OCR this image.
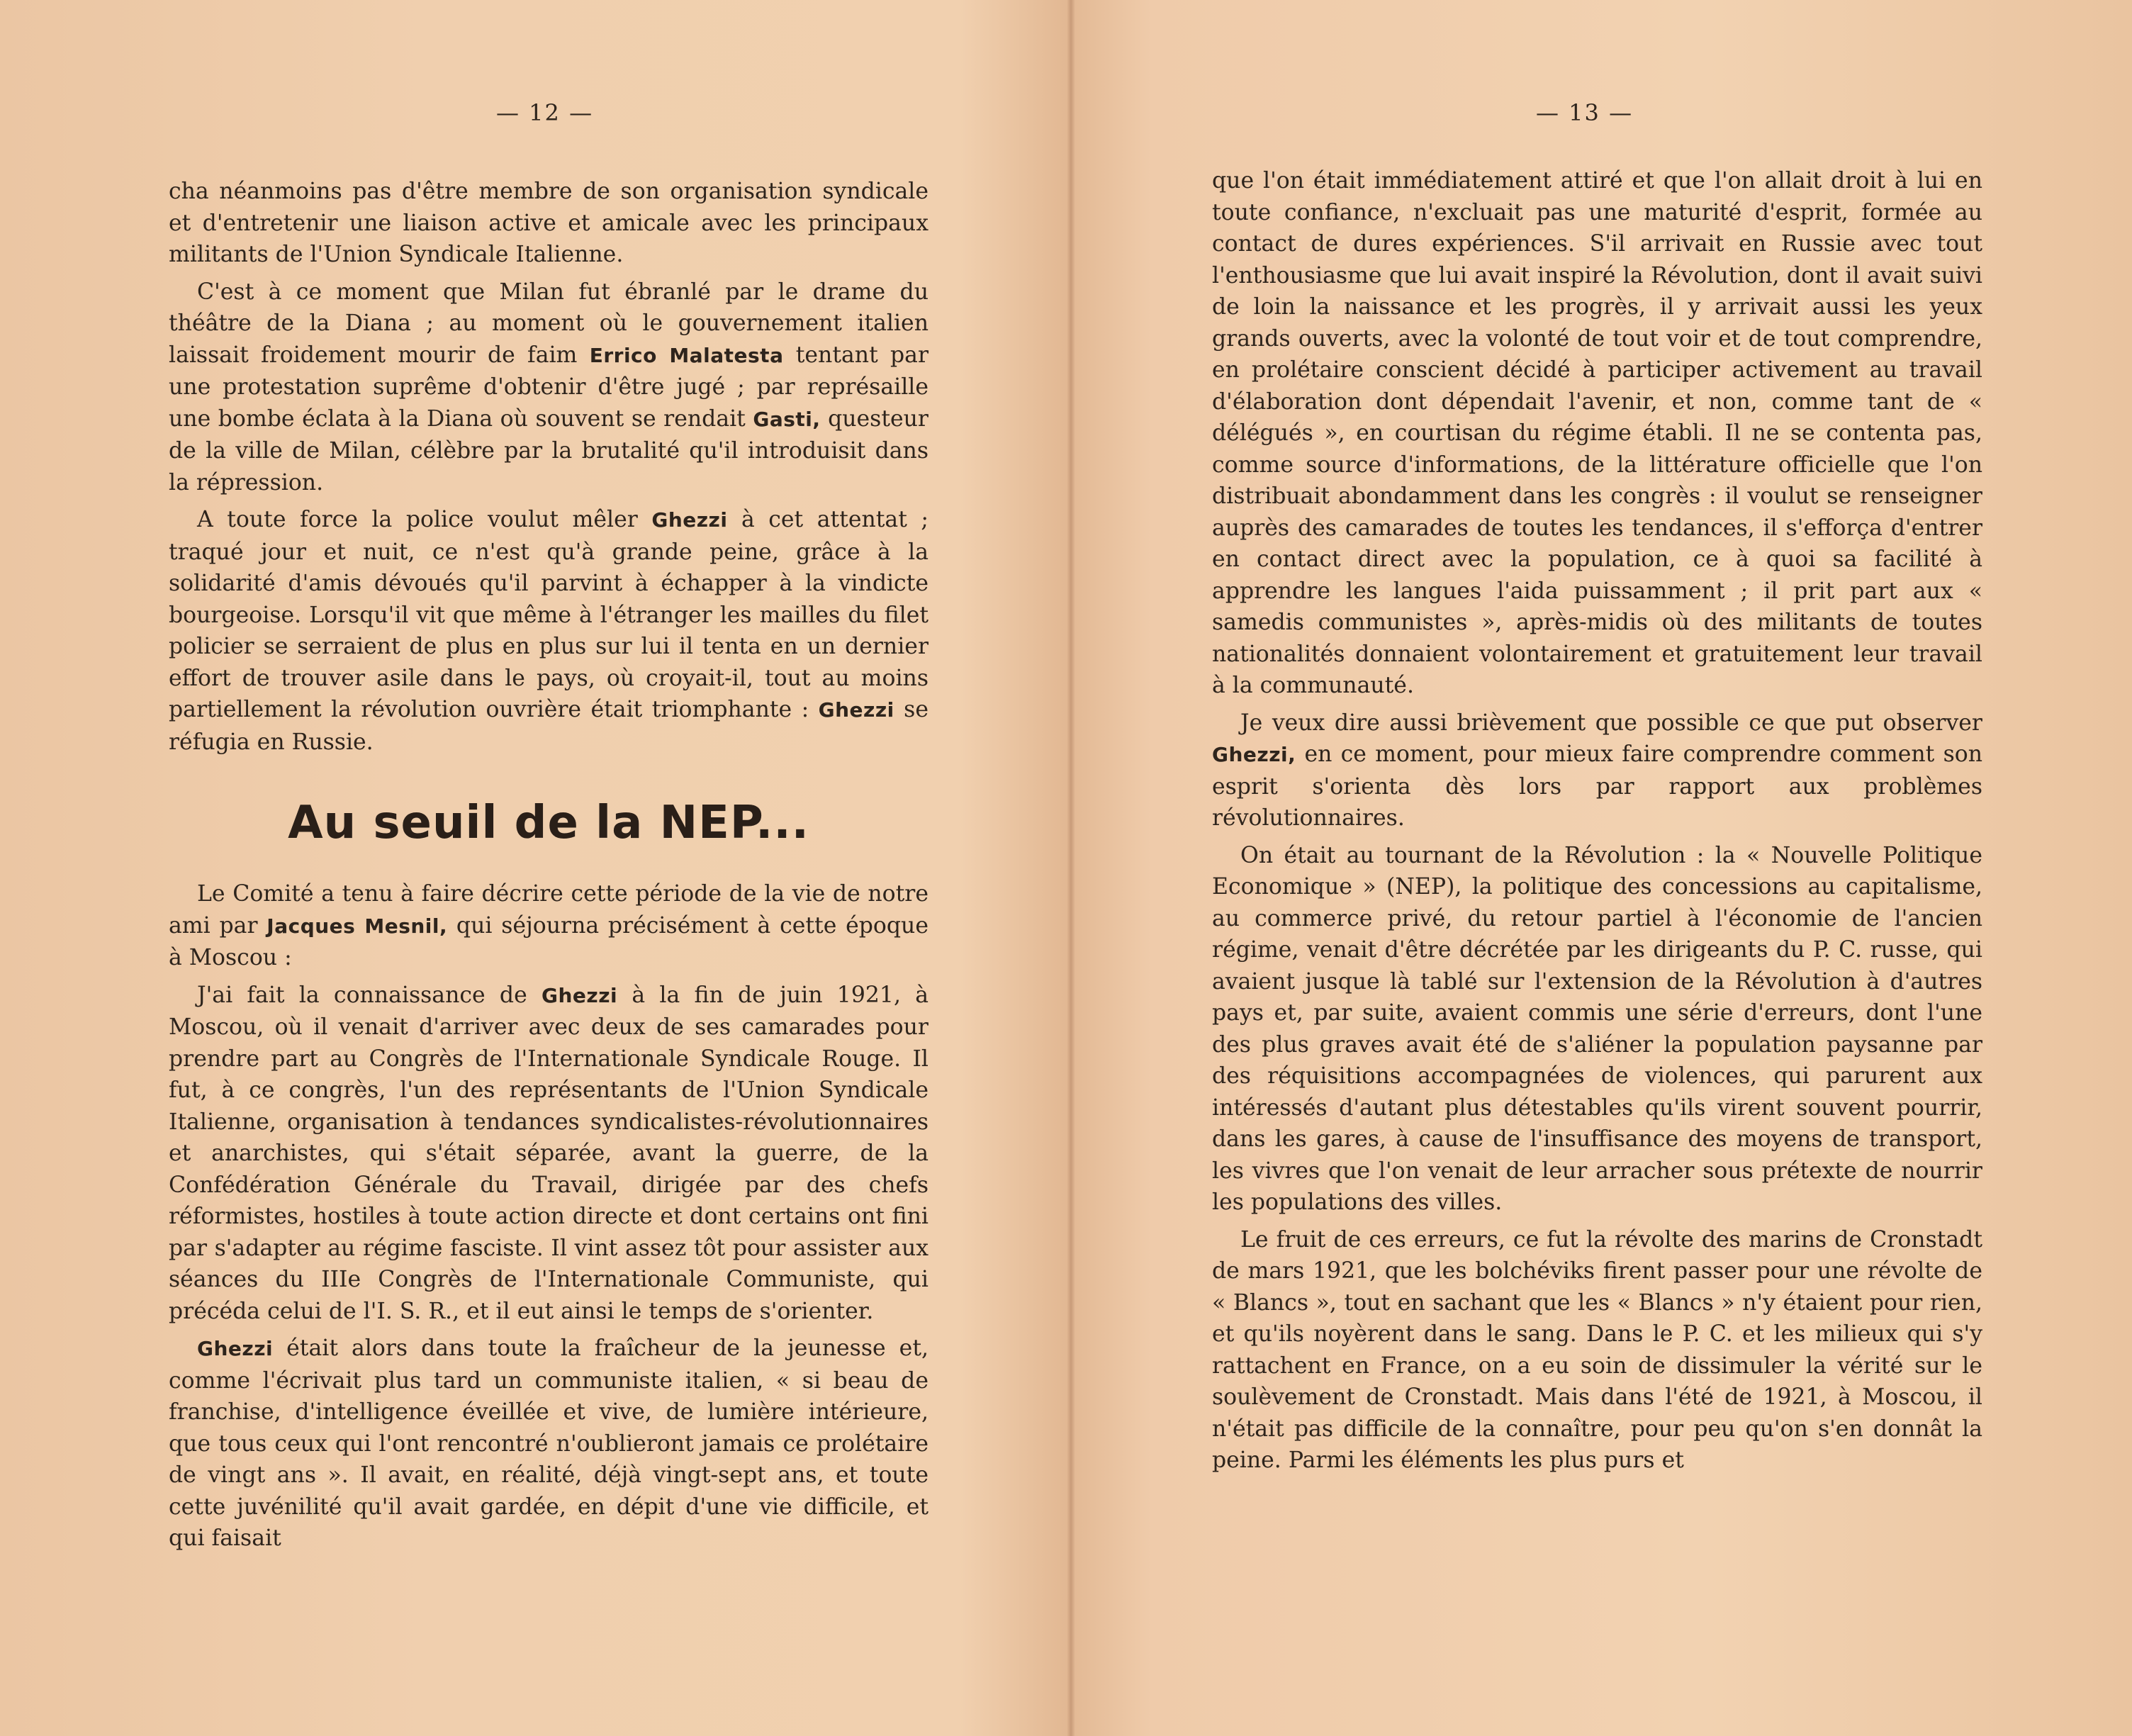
— 12 —

cha néanmoins pas d'être membre de son organisation syndicale et d'entretenir une liaison active et amicale avec les principaux militants de l'Union Syndicale Italienne.

C'est à ce moment que Milan fut ébranlé par le drame du théâtre de la Diana ; au moment où le gouvernement italien laissait froidement mourir de faim Errico Malatesta tentant par une protestation suprême d'obtenir d'être jugé ; par représaille une bombe éclata à la Diana où souvent se rendait Gasti, questeur de la ville de Milan, célèbre par la brutalité qu'il introduisit dans la répression.

A toute force la police voulut mêler Ghezzi à cet attentat ; traqué jour et nuit, ce n'est qu'à grande peine, grâce à la solidarité d'amis dévoués qu'il parvint à échapper à la vindicte bourgeoise. Lorsqu'il vit que même à l'étranger les mailles du filet policier se serraient de plus en plus sur lui il tenta en un dernier effort de trouver asile dans le pays, où croyait-il, tout au moins partiellement la révolution ouvrière était triomphante : Ghezzi se réfugia en Russie.

Au seuil de la NEP...

Le Comité a tenu à faire décrire cette période de la vie de notre ami par Jacques Mesnil, qui séjourna précisément à cette époque à Moscou :

J'ai fait la connaissance de Ghezzi à la fin de juin 1921, à Moscou, où il venait d'arriver avec deux de ses camarades pour prendre part au Congrès de l'Internationale Syndicale Rouge. Il fut, à ce congrès, l'un des représentants de l'Union Syndicale Italienne, organisation à tendances syndicalistes-révolutionnaires et anarchistes, qui s'était séparée, avant la guerre, de la Confédération Générale du Travail, dirigée par des chefs réformistes, hostiles à toute action directe et dont certains ont fini par s'adapter au régime fasciste. Il vint assez tôt pour assister aux séances du IIIe Congrès de l'Internationale Communiste, qui précéda celui de l'I. S. R., et il eut ainsi le temps de s'orienter.

Ghezzi était alors dans toute la fraîcheur de la jeunesse et, comme l'écrivait plus tard un communiste italien, « si beau de franchise, d'intelligence éveillée et vive, de lumière intérieure, que tous ceux qui l'ont rencontré n'oublieront jamais ce prolétaire de vingt ans ». Il avait, en réalité, déjà vingt-sept ans, et toute cette juvénilité qu'il avait gardée, en dépit d'une vie difficile, et qui faisait

— 13 —

que l'on était immédiatement attiré et que l'on allait droit à lui en toute confiance, n'excluait pas une maturité d'esprit, formée au contact de dures expériences. S'il arrivait en Russie avec tout l'enthousiasme que lui avait inspiré la Révolution, dont il avait suivi de loin la naissance et les progrès, il y arrivait aussi les yeux grands ouverts, avec la volonté de tout voir et de tout comprendre, en prolétaire conscient décidé à participer activement au travail d'élaboration dont dépendait l'avenir, et non, comme tant de « délégués », en courtisan du régime établi. Il ne se contenta pas, comme source d'informations, de la littérature officielle que l'on distribuait abondamment dans les congrès : il voulut se renseigner auprès des camarades de toutes les tendances, il s'efforça d'entrer en contact direct avec la population, ce à quoi sa facilité à apprendre les langues l'aida puissamment ; il prit part aux « samedis communistes », après-midis où des militants de toutes nationalités donnaient volontairement et gratuitement leur travail à la communauté.

Je veux dire aussi brièvement que possible ce que put observer Ghezzi, en ce moment, pour mieux faire comprendre comment son esprit s'orienta dès lors par rapport aux problèmes révolutionnaires.

On était au tournant de la Révolution : la « Nouvelle Politique Economique » (NEP), la politique des concessions au capitalisme, au commerce privé, du retour partiel à l'économie de l'ancien régime, venait d'être décrétée par les dirigeants du P. C. russe, qui avaient jusque là tablé sur l'extension de la Révolution à d'autres pays et, par suite, avaient commis une série d'erreurs, dont l'une des plus graves avait été de s'aliéner la population paysanne par des réquisitions accompagnées de violences, qui parurent aux intéressés d'autant plus détestables qu'ils virent souvent pourrir, dans les gares, à cause de l'insuffisance des moyens de transport, les vivres que l'on venait de leur arracher sous prétexte de nourrir les populations des villes.

Le fruit de ces erreurs, ce fut la révolte des marins de Cronstadt de mars 1921, que les bolchéviks firent passer pour une révolte de « Blancs », tout en sachant que les « Blancs » n'y étaient pour rien, et qu'ils noyèrent dans le sang. Dans le P. C. et les milieux qui s'y rattachent en France, on a eu soin de dissimuler la vérité sur le soulèvement de Cronstadt. Mais dans l'été de 1921, à Moscou, il n'était pas difficile de la connaître, pour peu qu'on s'en donnât la peine. Parmi les éléments les plus purs et
